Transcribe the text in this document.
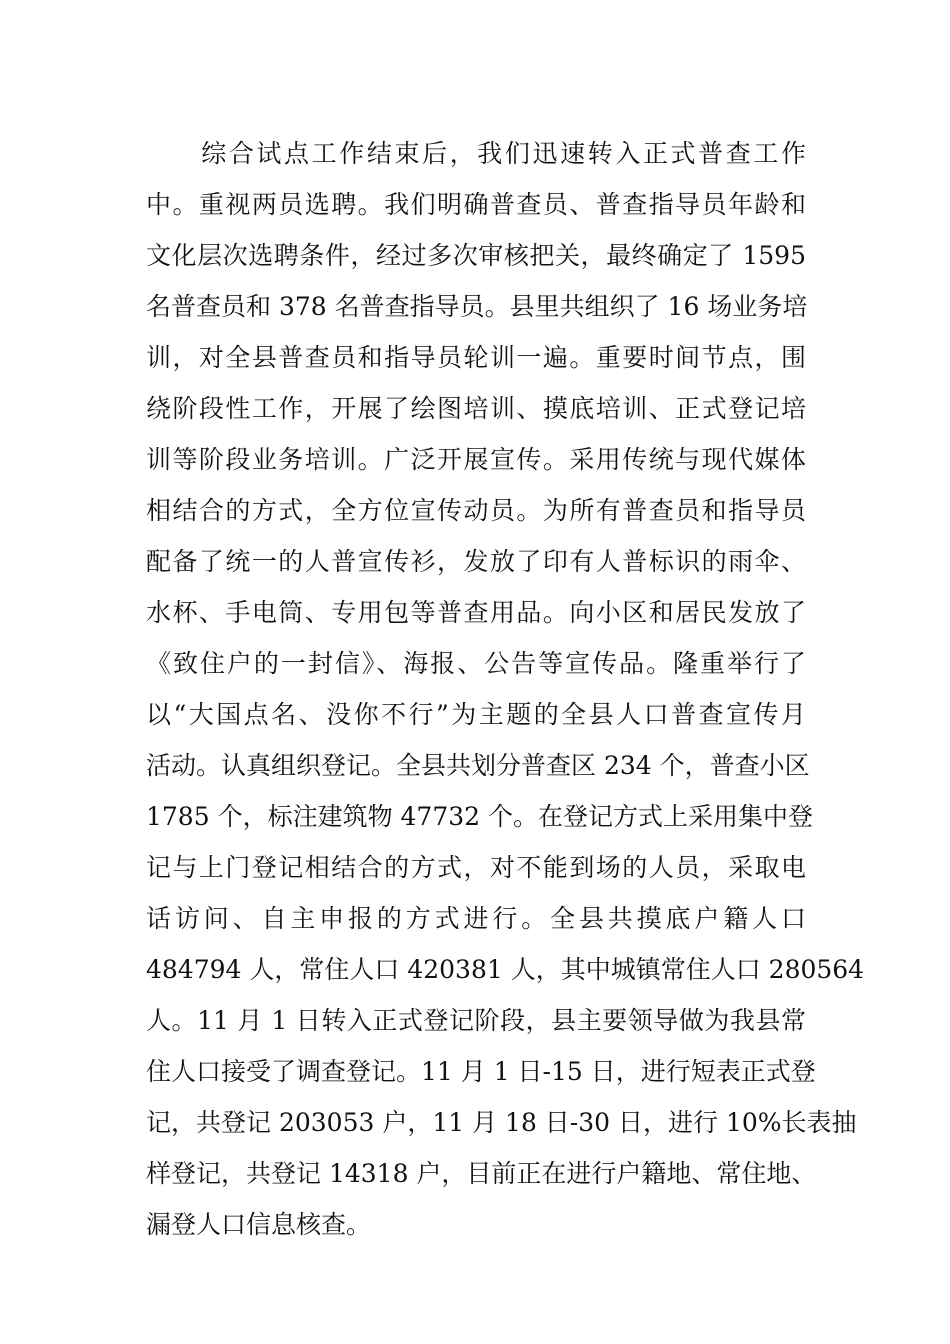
　　综合试点工作结束后，我们迅速转入正式普查工作
中。重视两员选聘。我们明确普查员、普查指导员年龄和
文化层次选聘条件，经过多次审核把关，最终确定了 1595
名普查员和 378 名普查指导员。县里共组织了 16 场业务培
训，对全县普查员和指导员轮训一遍。重要时间节点，围
绕阶段性工作，开展了绘图培训、摸底培训、正式登记培
训等阶段业务培训。广泛开展宣传。采用传统与现代媒体
相结合的方式，全方位宣传动员。为所有普查员和指导员
配备了统一的人普宣传衫，发放了印有人普标识的雨伞、
水杯、手电筒、专用包等普查用品。向小区和居民发放了
《致住户的一封信》、海报、公告等宣传品。隆重举行了
以“大国点名、没你不行”为主题的全县人口普查宣传月
活动。认真组织登记。全县共划分普查区 234 个，普查小区
1785 个，标注建筑物 47732 个。在登记方式上采用集中登
记与上门登记相结合的方式，对不能到场的人员，采取电
话访问、自主申报的方式进行。全县共摸底户籍人口
484794 人，常住人口 420381 人，其中城镇常住人口 280564
人。11 月 1 日转入正式登记阶段，县主要领导做为我县常
住人口接受了调查登记。11 月 1 日-15 日，进行短表正式登
记，共登记 203053 户，11 月 18 日-30 日，进行 10%长表抽
样登记，共登记 14318 户，目前正在进行户籍地、常住地、
漏登人口信息核查。
